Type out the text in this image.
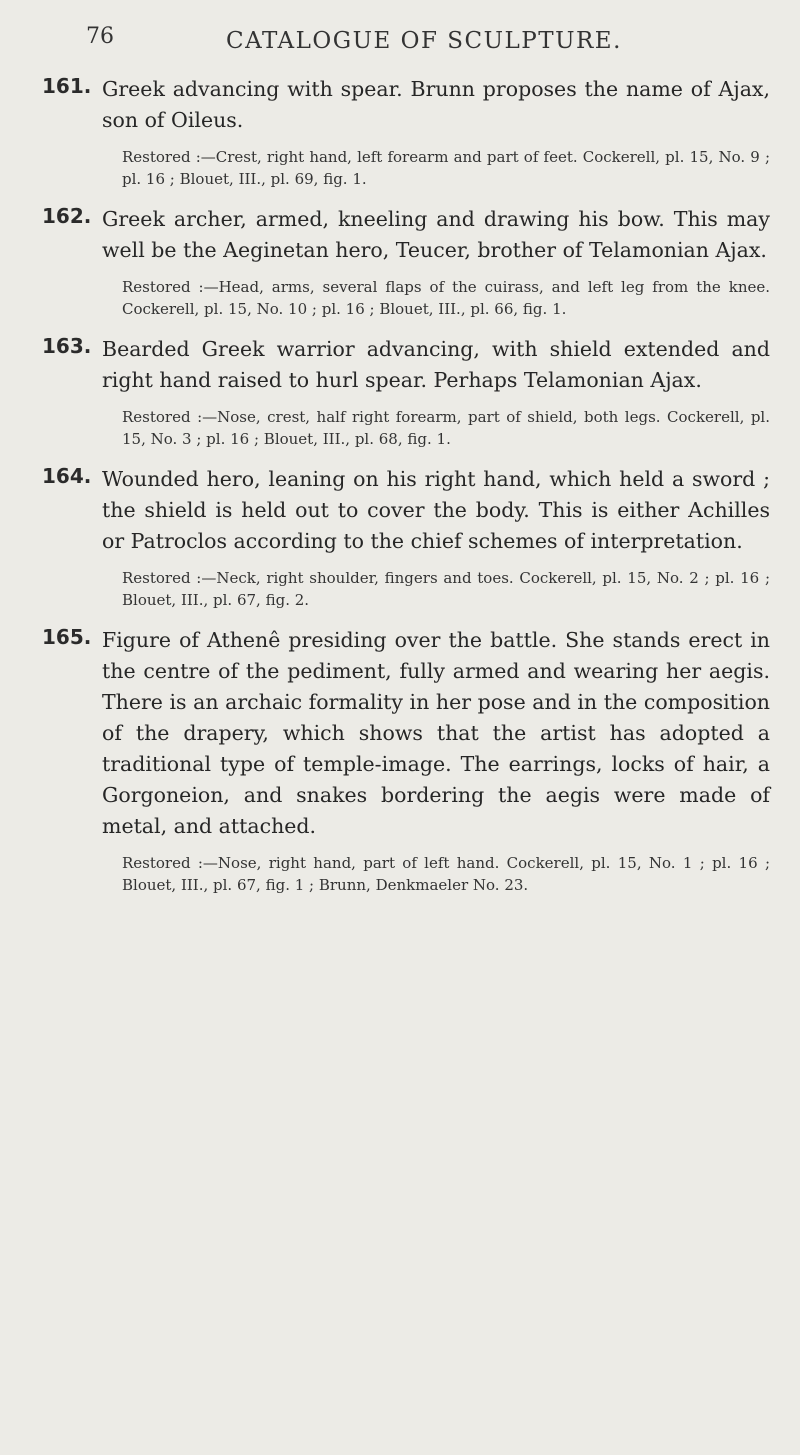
76	CATALOGUE OF SCULPTURE.
161. Greek advancing with spear. Brunn proposes the name of Ajax, son of Oileus.
Restored :—Crest, right hand, left forearm and part of feet. Cockerell, pl. 15, No. 9 ; pl. 16 ; Blouet, III., pl. 69, fig. 1.
162. Greek archer, armed, kneeling and drawing his bow. This may well be the Aeginetan hero, Teucer, brother of Telamonian Ajax.
Restored :—Head, arms, several flaps of the cuirass, and left leg from the knee. Cockerell, pl. 15, No. 10 ; pl. 16 ; Blouet, III., pl. 66, fig. 1.
163. Bearded Greek warrior advancing, with shield extended and right hand raised to hurl spear. Perhaps Telamonian Ajax.
Restored :—Nose, crest, half right forearm, part of shield, both legs. Cockerell, pl. 15, No. 3 ; pl. 16 ; Blouet, III., pl. 68, fig. 1.
164. Wounded hero, leaning on his right hand, which held a sword ; the shield is held out to cover the body. This is either Achilles or Patroclos according to the chief schemes of interpretation.
Restored :—Neck, right shoulder, fingers and toes. Cockerell, pl. 15, No. 2 ; pl. 16 ; Blouet, III., pl. 67, fig. 2.
165. Figure of Athenê presiding over the battle. She stands erect in the centre of the pediment, fully armed and wearing her aegis. There is an archaic formality in her pose and in the composition of the drapery, which shows that the artist has adopted a traditional type of temple-image. The earrings, locks of hair, a Gorgoneion, and snakes bordering the aegis were made of metal, and attached.
Restored :—Nose, right hand, part of left hand. Cockerell, pl. 15, No. 1 ; pl. 16 ; Blouet, III., pl. 67, fig. 1 ; Brunn, Denkmaeler No. 23.
